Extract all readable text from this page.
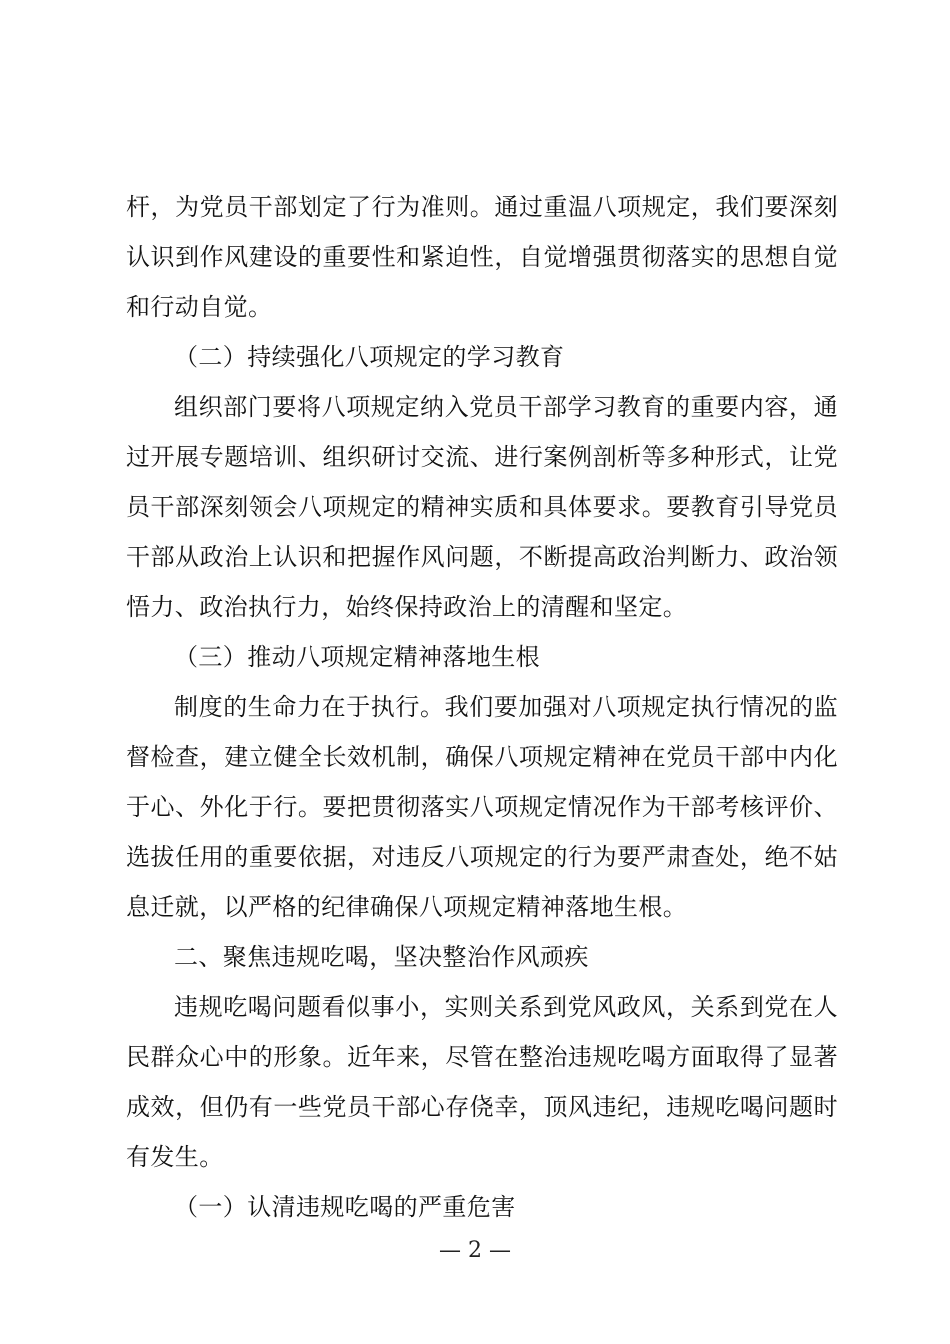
杆，为党员干部划定了行为准则。通过重温八项规定，我们要深刻认识到作风建设的重要性和紧迫性，自觉增强贯彻落实的思想自觉和行动自觉。

（二）持续强化八项规定的学习教育

组织部门要将八项规定纳入党员干部学习教育的重要内容，通过开展专题培训、组织研讨交流、进行案例剖析等多种形式，让党员干部深刻领会八项规定的精神实质和具体要求。要教育引导党员干部从政治上认识和把握作风问题，不断提高政治判断力、政治领悟力、政治执行力，始终保持政治上的清醒和坚定。

（三）推动八项规定精神落地生根

制度的生命力在于执行。我们要加强对八项规定执行情况的监督检查，建立健全长效机制，确保八项规定精神在党员干部中内化于心、外化于行。要把贯彻落实八项规定情况作为干部考核评价、选拔任用的重要依据，对违反八项规定的行为要严肃查处，绝不姑息迁就，以严格的纪律确保八项规定精神落地生根。

二、聚焦违规吃喝，坚决整治作风顽疾

违规吃喝问题看似事小，实则关系到党风政风，关系到党在人民群众心中的形象。近年来，尽管在整治违规吃喝方面取得了显著成效，但仍有一些党员干部心存侥幸，顶风违纪，违规吃喝问题时有发生。

（一）认清违规吃喝的严重危害

— 2 —
